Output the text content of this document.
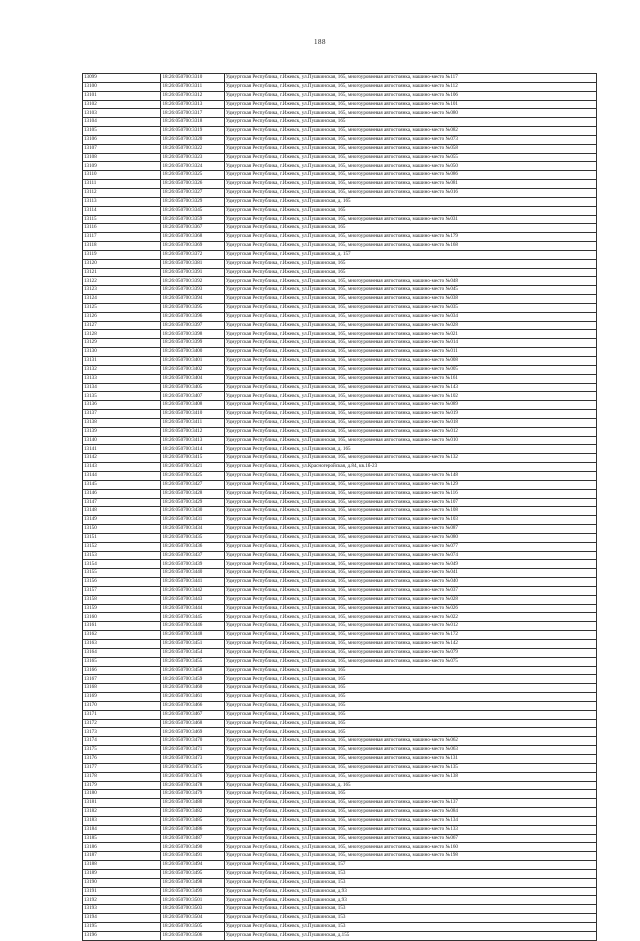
188
13099	18:26:050700:3310	Удмуртская Республика, г.Ижевск, ул.Пушкинская, 165, многоуровневая автостоянка, машино-место №117
13100	18:26:050700:3311	Удмуртская Республика, г.Ижевск, ул.Пушкинская, 165, многоуровневая автостоянка, машино-место №112
13101	18:26:050700:3312	Удмуртская Республика, г.Ижевск, ул.Пушкинская, 165, многоуровневая автостоянка, машино-место №106
13102	18:26:050700:3313	Удмуртская Республика, г.Ижевск, ул.Пушкинская, 165, многоуровневая автостоянка, машино-место №101
13103	18:26:050700:3317	Удмуртская Республика, г.Ижевск, ул.Пушкинская, 165, многоуровневая автостоянка, машино-место №080
13104	18:26:050700:3318	Удмуртская Республика, г.Ижевск, ул.Пушкинская, 165
13105	18:26:050700:3319	Удмуртская Республика, г.Ижевск, ул.Пушкинская, 165, многоуровневая автостоянка, машино-место №082
13106	18:26:050700:3320	Удмуртская Республика, г.Ижевск, ул.Пушкинская, 165, многоуровневая автостоянка, машино-место №073
13107	18:26:050700:3322	Удмуртская Республика, г.Ижевск, ул.Пушкинская, 165, многоуровневая автостоянка, машино-место №058
13108	18:26:050700:3323	Удмуртская Республика, г.Ижевск, ул.Пушкинская, 165, многоуровневая автостоянка, машино-место №055
13109	18:26:050700:3324	Удмуртская Республика, г.Ижевск, ул.Пушкинская, 165, многоуровневая автостоянка, машино-место №050
13110	18:26:050700:3325	Удмуртская Республика, г.Ижевск, ул.Пушкинская, 165, многоуровневая автостоянка, машино-место №086
13111	18:26:050700:3326	Удмуртская Республика, г.Ижевск, ул.Пушкинская, 165, многоуровневая автостоянка, машино-место №081
13112	18:26:050700:3327	Удмуртская Республика, г.Ижевск, ул.Пушкинская, 165, многоуровневая автостоянка, машино-место №016
13113	18:26:050700:3329	Удмуртская Республика, г.Ижевск, ул.Пушкинская, д. 165
13114	18:26:050700:3345	Удмуртская Республика, г.Ижевск, ул.Пушкинская, 165
13115	18:26:050700:3359	Удмуртская Республика, г.Ижевск, ул.Пушкинская, 165, многоуровневая автостоянка, машино-место №031
13116	18:26:050700:3367	Удмуртская Республика, г.Ижевск, ул.Пушкинская, 165
13117	18:26:050700:3368	Удмуртская Республика, г.Ижевск, ул.Пушкинская, 165, многоуровневая автостоянка, машино-место №179
13118	18:26:050700:3369	Удмуртская Республика, г.Ижевск, ул.Пушкинская, 165, многоуровневая автостоянка, машино-место №168
13119	18:26:050700:3372	Удмуртская Республика, г.Ижевск, ул.Пушкинская, д. 157
13120	18:26:050700:3381	Удмуртская Республика, г.Ижевск, ул.Пушкинская, 165
13121	18:26:050700:3391	Удмуртская Республика, г.Ижевск, ул.Пушкинская, 165
13122	18:26:050700:3392	Удмуртская Республика, г.Ижевск, ул.Пушкинская, 165, многоуровневая автостоянка, машино-место №048
13123	18:26:050700:3393	Удмуртская Республика, г.Ижевск, ул.Пушкинская, 165, многоуровневая автостоянка, машино-место №045
13124	18:26:050700:3394	Удмуртская Республика, г.Ижевск, ул.Пушкинская, 165, многоуровневая автостоянка, машино-место №038
13125	18:26:050700:3395	Удмуртская Республика, г.Ижевск, ул.Пушкинская, 165, многоуровневая автостоянка, машино-место №035
13126	18:26:050700:3396	Удмуртская Республика, г.Ижевск, ул.Пушкинская, 165, многоуровневая автостоянка, машино-место №034
13127	18:26:050700:3397	Удмуртская Республика, г.Ижевск, ул.Пушкинская, 165, многоуровневая автостоянка, машино-место №028
13128	18:26:050700:3398	Удмуртская Республика, г.Ижевск, ул.Пушкинская, 165, многоуровневая автостоянка, машино-место №021
13129	18:26:050700:3399	Удмуртская Республика, г.Ижевск, ул.Пушкинская, 165, многоуровневая автостоянка, машино-место №014
13130	18:26:050700:3400	Удмуртская Республика, г.Ижевск, ул.Пушкинская, 165, многоуровневая автостоянка, машино-место №011
13131	18:26:050700:3401	Удмуртская Республика, г.Ижевск, ул.Пушкинская, 165, многоуровневая автостоянка, машино-место №008
13132	18:26:050700:3402	Удмуртская Республика, г.Ижевск, ул.Пушкинская, 165, многоуровневая автостоянка, машино-место №005
13133	18:26:050700:3404	Удмуртская Республика, г.Ижевск, ул.Пушкинская, 165, многоуровневая автостоянка, машино-место №161
13134	18:26:050700:3405	Удмуртская Республика, г.Ижевск, ул.Пушкинская, 165, многоуровневая автостоянка, машино-место №143
13135	18:26:050700:3407	Удмуртская Республика, г.Ижевск, ул.Пушкинская, 165, многоуровневая автостоянка, машино-место №102
13136	18:26:050700:3408	Удмуртская Республика, г.Ижевск, ул.Пушкинская, 165, многоуровневая автостоянка, машино-место №089
13137	18:26:050700:3410	Удмуртская Республика, г.Ижевск, ул.Пушкинская, 165, многоуровневая автостоянка, машино-место №019
13138	18:26:050700:3411	Удмуртская Республика, г.Ижевск, ул.Пушкинская, 165, многоуровневая автостоянка, машино-место №018
13139	18:26:050700:3412	Удмуртская Республика, г.Ижевск, ул.Пушкинская, 165, многоуровневая автостоянка, машино-место №012
13140	18:26:050700:3413	Удмуртская Республика, г.Ижевск, ул.Пушкинская, 165, многоуровневая автостоянка, машино-место №010
13141	18:26:050700:3414	Удмуртская Республика, г.Ижевск, ул.Пушкинская, д. 165
13142	18:26:050700:3415	Удмуртская Республика, г.Ижевск, ул.Пушкинская, 165, многоуровневая автостоянка, машино-место №132
13143	18:26:050700:3421	Удмуртская Республика, г.Ижевск, ул.Красногеройская, д.84, кв.1б-23
13144	18:26:050700:3425	Удмуртская Республика, г.Ижевск, ул.Пушкинская, 165, многоуровневая автостоянка, машино-место №148
13145	18:26:050700:3427	Удмуртская Республика, г.Ижевск, ул.Пушкинская, 165, многоуровневая автостоянка, машино-место №129
13146	18:26:050700:3428	Удмуртская Республика, г.Ижевск, ул.Пушкинская, 165, многоуровневая автостоянка, машино-место №116
13147	18:26:050700:3429	Удмуртская Республика, г.Ижевск, ул.Пушкинская, 165, многоуровневая автостоянка, машино-место №107
13148	18:26:050700:3430	Удмуртская Республика, г.Ижевск, ул.Пушкинская, 165, многоуровневая автостоянка, машино-место №108
13149	18:26:050700:3431	Удмуртская Республика, г.Ижевск, ул.Пушкинская, 165, многоуровневая автостоянка, машино-место №103
13150	18:26:050700:3434	Удмуртская Республика, г.Ижевск, ул.Пушкинская, 165, многоуровневая автостоянка, машино-место №087
13151	18:26:050700:3435	Удмуртская Республика, г.Ижевск, ул.Пушкинская, 165, многоуровневая автостоянка, машино-место №080
13152	18:26:050700:3436	Удмуртская Республика, г.Ижевск, ул.Пушкинская, 165, многоуровневая автостоянка, машино-место №077
13153	18:26:050700:3437	Удмуртская Республика, г.Ижевск, ул.Пушкинская, 165, многоуровневая автостоянка, машино-место №074
13154	18:26:050700:3439	Удмуртская Республика, г.Ижевск, ул.Пушкинская, 165, многоуровневая автостоянка, машино-место №049
13155	18:26:050700:3440	Удмуртская Республика, г.Ижевск, ул.Пушкинская, 165, многоуровневая автостоянка, машино-место №041
13156	18:26:050700:3441	Удмуртская Республика, г.Ижевск, ул.Пушкинская, 165, многоуровневая автостоянка, машино-место №040
13157	18:26:050700:3442	Удмуртская Республика, г.Ижевск, ул.Пушкинская, 165, многоуровневая автостоянка, машино-место №037
13158	18:26:050700:3443	Удмуртская Республика, г.Ижевск, ул.Пушкинская, 165, многоуровневая автостоянка, машино-место №028
13159	18:26:050700:3444	Удмуртская Республика, г.Ижевск, ул.Пушкинская, 165, многоуровневая автостоянка, машино-место №026
13160	18:26:050700:3445	Удмуртская Республика, г.Ижевск, ул.Пушкинская, 165, многоуровневая автостоянка, машино-место №022
13161	18:26:050700:3446	Удмуртская Республика, г.Ижевск, ул.Пушкинская, 165, многоуровневая автостоянка, машино-место №012
13162	18:26:050700:3448	Удмуртская Республика, г.Ижевск, ул.Пушкинская, 165, многоуровневая автостоянка, машино-место №172
13163	18:26:050700:3451	Удмуртская Республика, г.Ижевск, ул.Пушкинская, 165, многоуровневая автостоянка, машино-место №142
13164	18:26:050700:3454	Удмуртская Республика, г.Ижевск, ул.Пушкинская, 165, многоуровневая автостоянка, машино-место №079
13165	18:26:050700:3455	Удмуртская Республика, г.Ижевск, ул.Пушкинская, 165, многоуровневая автостоянка, машино-место №075
13166	18:26:050700:3458	Удмуртская Республика, г.Ижевск, ул.Пушкинская, 165
13167	18:26:050700:3459	Удмуртская Республика, г.Ижевск, ул.Пушкинская, 165
13168	18:26:050700:3460	Удмуртская Республика, г.Ижевск, ул.Пушкинская, 165
13169	18:26:050700:3461	Удмуртская Республика, г.Ижевск, ул.Пушкинская, 165
13170	18:26:050700:3466	Удмуртская Республика, г.Ижевск, ул.Пушкинская, 165
13171	18:26:050700:3467	Удмуртская Республика, г.Ижевск, ул.Пушкинская, 165
13172	18:26:050700:3468	Удмуртская Республика, г.Ижевск, ул.Пушкинская, 165
13173	18:26:050700:3469	Удмуртская Республика, г.Ижевск, ул.Пушкинская, 165
13174	18:26:050700:3470	Удмуртская Республика, г.Ижевск, ул.Пушкинская, 165, многоуровневая автостоянка, машино-место №062
13175	18:26:050700:3471	Удмуртская Республика, г.Ижевск, ул.Пушкинская, 165, многоуровневая автостоянка, машино-место №063
13176	18:26:050700:3473	Удмуртская Республика, г.Ижевск, ул.Пушкинская, 165, многоуровневая автостоянка, машино-место №131
13177	18:26:050700:3475	Удмуртская Республика, г.Ижевск, ул.Пушкинская, 165, многоуровневая автостоянка, машино-место №135
13178	18:26:050700:3476	Удмуртская Республика, г.Ижевск, ул.Пушкинская, 165, многоуровневая автостоянка, машино-место №138
13179	18:26:050700:3478	Удмуртская Республика, г.Ижевск, ул.Пушкинская, д. 165
13180	18:26:050700:3479	Удмуртская Республика, г.Ижевск, ул.Пушкинская, 165
13181	18:26:050700:3480	Удмуртская Республика, г.Ижевск, ул.Пушкинская, 165, многоуровневая автостоянка, машино-место №137
13182	18:26:050700:3482	Удмуртская Республика, г.Ижевск, ул.Пушкинская, 165, многоуровневая автостоянка, машино-место №084
13183	18:26:050700:3485	Удмуртская Республика, г.Ижевск, ул.Пушкинская, 165, многоуровневая автостоянка, машино-место №134
13184	18:26:050700:3486	Удмуртская Республика, г.Ижевск, ул.Пушкинская, 165, многоуровневая автостоянка, машино-место №133
13185	18:26:050700:3487	Удмуртская Республика, г.Ижевск, ул.Пушкинская, 165, многоуровневая автостоянка, машино-место №067
13186	18:26:050700:3490	Удмуртская Республика, г.Ижевск, ул.Пушкинская, 165, многоуровневая автостоянка, машино-место №160
13187	18:26:050700:3491	Удмуртская Республика, г.Ижевск, ул.Пушкинская, 165, многоуровневая автостоянка, машино-место №198
13188	18:26:050700:3494	Удмуртская Республика, г.Ижевск, ул.Пушкинская, 157
13189	18:26:050700:3495	Удмуртская Республика, г.Ижевск, ул.Пушкинская, 153
13190	18:26:050700:3498	Удмуртская Республика, г.Ижевск, ул.Пушкинская, 153
13191	18:26:050700:3499	Удмуртская Республика, г.Ижевск, ул.Пушкинская, д.93
13192	18:26:050700:3501	Удмуртская Республика, г.Ижевск, ул.Пушкинская, д.93
13193	18:26:050700:3503	Удмуртская Республика, г.Ижевск, ул.Пушкинская, 153
13194	18:26:050700:3504	Удмуртская Республика, г.Ижевск, ул.Пушкинская, 153
13195	18:26:050700:3505	Удмуртская Республика, г.Ижевск, ул.Пушкинская, 153
13196	18:26:050700:3506	Удмуртская Республика, г.Ижевск, ул.Пушкинская, д.155
